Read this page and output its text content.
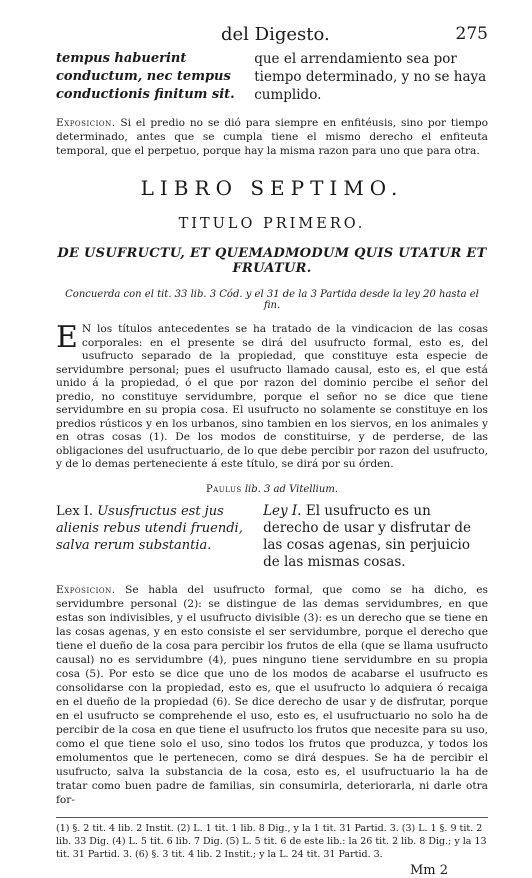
del Digesto.	275
tempus habuerint conductum, nec tempus conductionis finitum sit.
que el arrendamiento sea por tiempo determinado, y no se haya cumplido.
Exposicion. Si el predio no se dió para siempre en enfitéusis, sino por tiempo determinado, antes que se cumpla tiene el mismo derecho el enfiteuta temporal, que el perpetuo, porque hay la misma razon para uno que para otra.
LIBRO SEPTIMO.
TITULO PRIMERO.
DE USUFRUCTU, ET QUEMADMODUM QUIS UTATUR ET FRUATUR.
Concuerda con el tit. 33 lib. 3 Cód. y el 31 de la 3 Partida desde la ley 20 hasta el fin.
E N los títulos antecedentes se ha tratado de la vindicacion de las cosas corporales: en el presente se dirá del usufructo formal, esto es, del usufructo separado de la propiedad, que constituye esta especie de servidumbre personal; pues el usufructo llamado causal, esto es, el que está unido á la propiedad, ó el que por razon del dominio percibe el señor del predio, no constituye servidumbre, porque el señor no se dice que tiene servidumbre en su propia cosa. El usufructo no solamente se constituye en los predios rústicos y en los urbanos, sino tambien en los siervos, en los animales y en otras cosas (1). De los modos de constituirse, y de perderse, de las obligaciones del usufructuario, de lo que debe percibir por razon del usufructo, y de lo demas perteneciente á este título, se dirá por su órden.
Paulus lib. 3 ad Vitellium.
Lex I. Ususfructus est jus alienis rebus utendi fruendi, salva rerum substantia.
Ley I. El usufructo es un derecho de usar y disfrutar de las cosas agenas, sin perjuicio de las mismas cosas.
Exposicion. Se habla del usufructo formal, que como se ha dicho, es servidumbre personal (2): se distingue de las demas servidumbres, en que estas son indivisibles, y el usufructo divisible (3): es un derecho que se tiene en las cosas agenas, y en esto consiste el ser servidumbre, porque el derecho que tiene el dueño de la cosa para percibir los frutos de ella (que se llama usufructo causal) no es servidumbre (4), pues ninguno tiene servidumbre en su propia cosa (5). Por esto se dice que uno de los modos de acabarse el usufructo es consolidarse con la propiedad, esto es, que el usufructo lo adquiera ó recaiga en el dueño de la propiedad (6). Se dice derecho de usar y de disfrutar, porque en el usufructo se comprehende el uso, esto es, el usufructuario no solo ha de percibir de la cosa en que tiene el usufructo los frutos que necesite para su uso, como el que tiene solo el uso, sino todos los frutos que produzca, y todos los emolumentos que le pertenecen, como se dirá despues. Se ha de percibir el usufructo, salva la substancia de la cosa, esto es, el usufructuario la ha de tratar como buen padre de familias, sin consumirla, deteriorarla, ni darle otra for-
(1) §. 2 tit. 4 lib. 2 Instit. (2) L. 1 tit. 1 lib. 8 Dig., y la 1 tit. 31 Partid. 3. (3) L. 1 §. 9 tit. 2 lib. 33 Dig. (4) L. 5 tit. 6 lib. 7 Dig. (5) L. 5 tit. 6 de este lib.: la 26 tit. 2 lib. 8 Dig.; y la 13 tit. 31 Partid. 3. (6) §. 3 tit. 4 lib. 2 Instit.; y la L. 24 tit. 31 Partid. 3.
Mm 2
